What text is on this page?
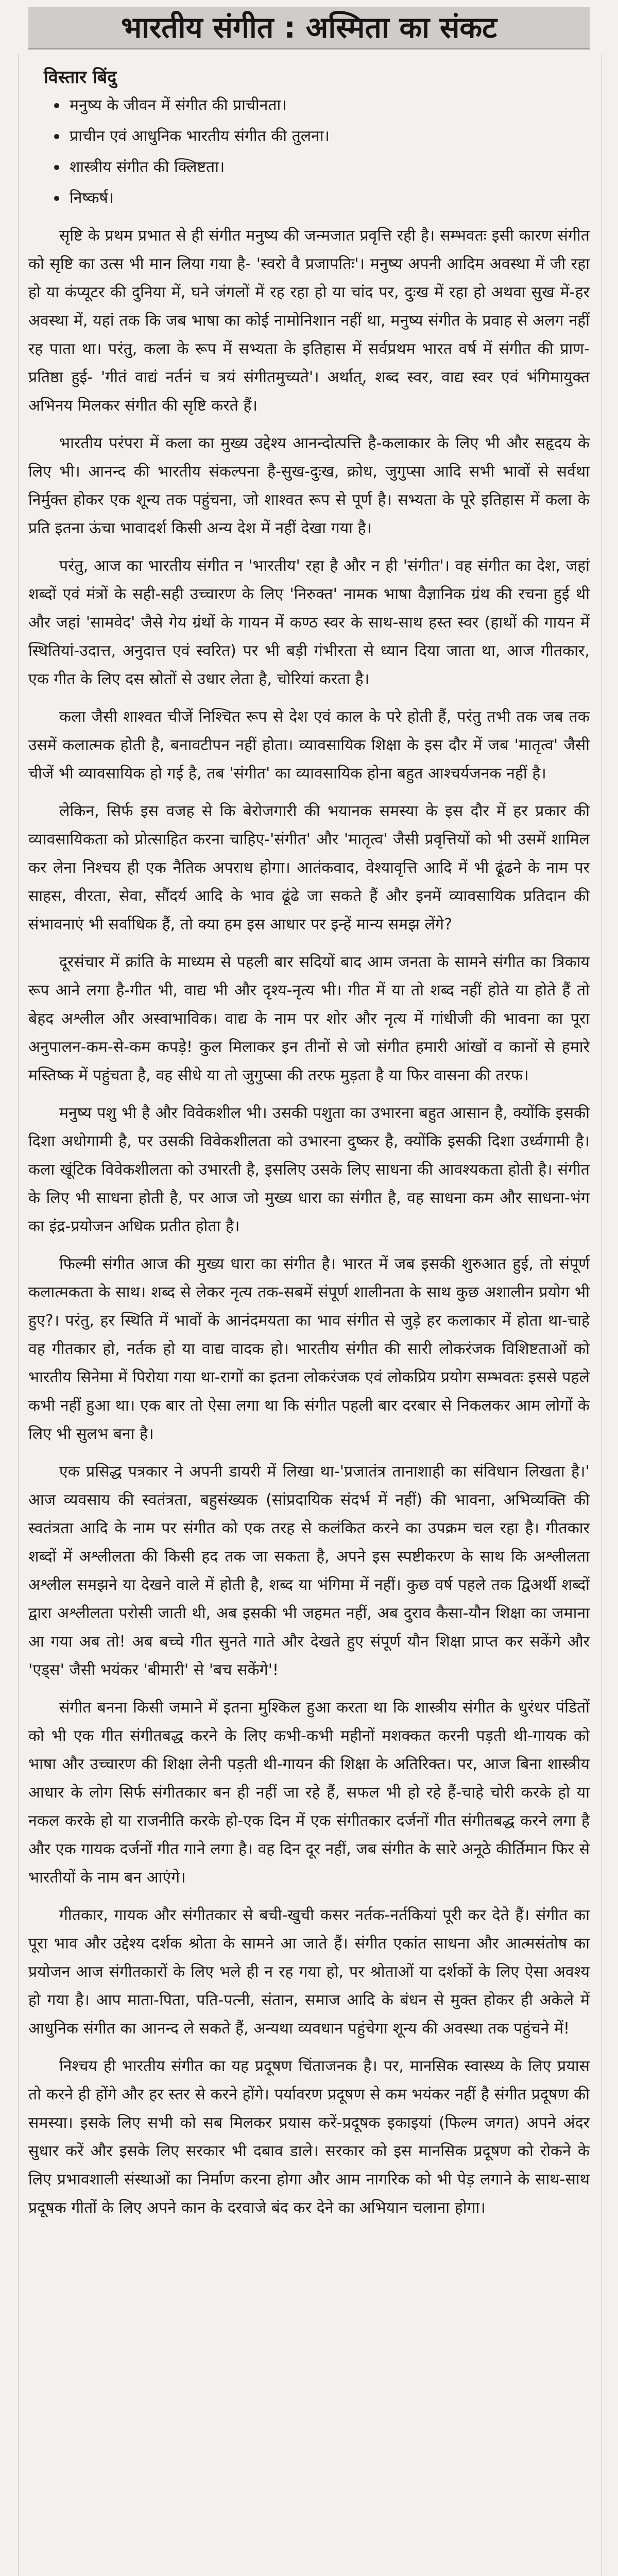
भारतीय संगीत : अस्मिता का संकट
विस्तार बिंदु
मनुष्य के जीवन में संगीत की प्राचीनता।
प्राचीन एवं आधुनिक भारतीय संगीत की तुलना।
शास्त्रीय संगीत की क्लिष्टता।
निष्कर्ष।

सृष्टि के प्रथम प्रभात से ही संगीत मनुष्य की जन्मजात प्रवृत्ति रही है। सम्भवतः इसी कारण संगीत को सृष्टि का उत्स भी मान लिया गया है- 'स्वरो वै प्रजापतिः'। मनुष्य अपनी आदिम अवस्था में जी रहा हो या कंप्यूटर की दुनिया में, घने जंगलों में रह रहा हो या चांद पर, दुःख में रहा हो अथवा सुख में-हर अवस्था में, यहां तक कि जब भाषा का कोई नामोनिशान नहीं था, मनुष्य संगीत के प्रवाह से अलग नहीं रह पाता था। परंतु, कला के रूप में सभ्यता के इतिहास में सर्वप्रथम भारत वर्ष में संगीत की प्राण-प्रतिष्ठा हुई- 'गीतं वाद्यं नर्तनं च त्रयं संगीतमुच्यते'। अर्थात्, शब्द स्वर, वाद्य स्वर एवं भंगिमायुक्त अभिनय मिलकर संगीत की सृष्टि करते हैं।

भारतीय परंपरा में कला का मुख्य उद्देश्य आनन्दोत्पत्ति है-कलाकार के लिए भी और सहृदय के लिए भी। आनन्द की भारतीय संकल्पना है-सुख-दुःख, क्रोध, जुगुप्सा आदि सभी भावों से सर्वथा निर्मुक्त होकर एक शून्य तक पहुंचना, जो शाश्वत रूप से पूर्ण है। सभ्यता के पूरे इतिहास में कला के प्रति इतना ऊंचा भावादर्श किसी अन्य देश में नहीं देखा गया है।

परंतु, आज का भारतीय संगीत न 'भारतीय' रहा है और न ही 'संगीत'। वह संगीत का देश, जहां शब्दों एवं मंत्रों के सही-सही उच्चारण के लिए 'निरुक्त' नामक भाषा वैज्ञानिक ग्रंथ की रचना हुई थी और जहां 'सामवेद' जैसे गेय ग्रंथों के गायन में कण्ठ स्वर के साथ-साथ हस्त स्वर (हाथों की गायन में स्थितियां-उदात्त, अनुदात्त एवं स्वरित) पर भी बड़ी गंभीरता से ध्यान दिया जाता था, आज गीतकार, एक गीत के लिए दस स्रोतों से उधार लेता है, चोरियां करता है।

कला जैसी शाश्वत चीजें निश्चित रूप से देश एवं काल के परे होती हैं, परंतु तभी तक जब तक उसमें कलात्मक होती है, बनावटीपन नहीं होता। व्यावसायिक शिक्षा के इस दौर में जब 'मातृत्व' जैसी चीजें भी व्यावसायिक हो गई है, तब 'संगीत' का व्यावसायिक होना बहुत आश्चर्यजनक नहीं है।

लेकिन, सिर्फ इस वजह से कि बेरोजगारी की भयानक समस्या के इस दौर में हर प्रकार की व्यावसायिकता को प्रोत्साहित करना चाहिए-'संगीत' और 'मातृत्व' जैसी प्रवृत्तियों को भी उसमें शामिल कर लेना निश्चय ही एक नैतिक अपराध होगा। आतंकवाद, वेश्यावृत्ति आदि में भी ढूंढने के नाम पर साहस, वीरता, सेवा, सौंदर्य आदि के भाव ढूंढे जा सकते हैं और इनमें व्यावसायिक प्रतिदान की संभावनाएं भी सर्वाधिक हैं, तो क्या हम इस आधार पर इन्हें मान्य समझ लेंगे?

दूरसंचार में क्रांति के माध्यम से पहली बार सदियों बाद आम जनता के सामने संगीत का त्रिकाय रूप आने लगा है-गीत भी, वाद्य भी और दृश्य-नृत्य भी। गीत में या तो शब्द नहीं होते या होते हैं तो बेहद अश्लील और अस्वाभाविक। वाद्य के नाम पर शोर और नृत्य में गांधीजी की भावना का पूरा अनुपालन-कम-से-कम कपड़े! कुल मिलाकर इन तीनों से जो संगीत हमारी आंखों व कानों से हमारे मस्तिष्क में पहुंचता है, वह सीधे या तो जुगुप्सा की तरफ मुड़ता है या फिर वासना की तरफ।

मनुष्य पशु भी है और विवेकशील भी। उसकी पशुता का उभारना बहुत आसान है, क्योंकि इसकी दिशा अधोगामी है, पर उसकी विवेकशीलता को उभारना दुष्कर है, क्योंकि इसकी दिशा उर्ध्वगामी है। कला खूंटिक विवेकशीलता को उभारती है, इसलिए उसके लिए साधना की आवश्यकता होती है। संगीत के लिए भी साधना होती है, पर आज जो मुख्य धारा का संगीत है, वह साधना कम और साधना-भंग का इंद्र-प्रयोजन अधिक प्रतीत होता है।

फिल्मी संगीत आज की मुख्य धारा का संगीत है। भारत में जब इसकी शुरुआत हुई, तो संपूर्ण कलात्मकता के साथ। शब्द से लेकर नृत्य तक-सबमें संपूर्ण शालीनता के साथ कुछ अशालीन प्रयोग भी हुए?। परंतु, हर स्थिति में भावों के आनंदमयता का भाव संगीत से जुड़े हर कलाकार में होता था-चाहे वह गीतकार हो, नर्तक हो या वाद्य वादक हो। भारतीय संगीत की सारी लोकरंजक विशिष्टताओं को भारतीय सिनेमा में पिरोया गया था-रागों का इतना लोकरंजक एवं लोकप्रिय प्रयोग सम्भवतः इससे पहले कभी नहीं हुआ था। एक बार तो ऐसा लगा था कि संगीत पहली बार दरबार से निकलकर आम लोगों के लिए भी सुलभ बना है।

एक प्रसिद्ध पत्रकार ने अपनी डायरी में लिखा था-'प्रजातंत्र तानाशाही का संविधान लिखता है।' आज व्यवसाय की स्वतंत्रता, बहुसंख्यक (सांप्रदायिक संदर्भ में नहीं) की भावना, अभिव्यक्ति की स्वतंत्रता आदि के नाम पर संगीत को एक तरह से कलंकित करने का उपक्रम चल रहा है। गीतकार शब्दों में अश्लीलता की किसी हद तक जा सकता है, अपने इस स्पष्टीकरण के साथ कि अश्लीलता अश्लील समझने या देखने वाले में होती है, शब्द या भंगिमा में नहीं। कुछ वर्ष पहले तक द्विअर्थी शब्दों द्वारा अश्लीलता परोसी जाती थी, अब इसकी भी जहमत नहीं, अब दुराव कैसा-यौन शिक्षा का जमाना आ गया अब तो! अब बच्चे गीत सुनते गाते और देखते हुए संपूर्ण यौन शिक्षा प्राप्त कर सकेंगे और 'एड्स' जैसी भयंकर 'बीमारी' से 'बच सकेंगे'!

संगीत बनना किसी जमाने में इतना मुश्किल हुआ करता था कि शास्त्रीय संगीत के धुरंधर पंडितों को भी एक गीत संगीतबद्ध करने के लिए कभी-कभी महीनों मशक्कत करनी पड़ती थी-गायक को भाषा और उच्चारण की शिक्षा लेनी पड़ती थी-गायन की शिक्षा के अतिरिक्त। पर, आज बिना शास्त्रीय आधार के लोग सिर्फ संगीतकार बन ही नहीं जा रहे हैं, सफल भी हो रहे हैं-चाहे चोरी करके हो या नकल करके हो या राजनीति करके हो-एक दिन में एक संगीतकार दर्जनों गीत संगीतबद्ध करने लगा है और एक गायक दर्जनों गीत गाने लगा है। वह दिन दूर नहीं, जब संगीत के सारे अनूठे कीर्तिमान फिर से भारतीयों के नाम बन आएंगे।

गीतकार, गायक और संगीतकार से बची-खुची कसर नर्तक-नर्तकियां पूरी कर देते हैं। संगीत का पूरा भाव और उद्देश्य दर्शक श्रोता के सामने आ जाते हैं। संगीत एकांत साधना और आत्मसंतोष का प्रयोजन आज संगीतकारों के लिए भले ही न रह गया हो, पर श्रोताओं या दर्शकों के लिए ऐसा अवश्य हो गया है। आप माता-पिता, पति-पत्नी, संतान, समाज आदि के बंधन से मुक्त होकर ही अकेले में आधुनिक संगीत का आनन्द ले सकते हैं, अन्यथा व्यवधान पहुंचेगा शून्य की अवस्था तक पहुंचने में!

निश्चय ही भारतीय संगीत का यह प्रदूषण चिंताजनक है। पर, मानसिक स्वास्थ्य के लिए प्रयास तो करने ही होंगे और हर स्तर से करने होंगे। पर्यावरण प्रदूषण से कम भयंकर नहीं है संगीत प्रदूषण की समस्या। इसके लिए सभी को सब मिलकर प्रयास करें-प्रदूषक इकाइयां (फिल्म जगत) अपने अंदर सुधार करें और इसके लिए सरकार भी दबाव डाले। सरकार को इस मानसिक प्रदूषण को रोकने के लिए प्रभावशाली संस्थाओं का निर्माण करना होगा और आम नागरिक को भी पेड़ लगाने के साथ-साथ प्रदूषक गीतों के लिए अपने कान के दरवाजे बंद कर देने का अभियान चलाना होगा।
